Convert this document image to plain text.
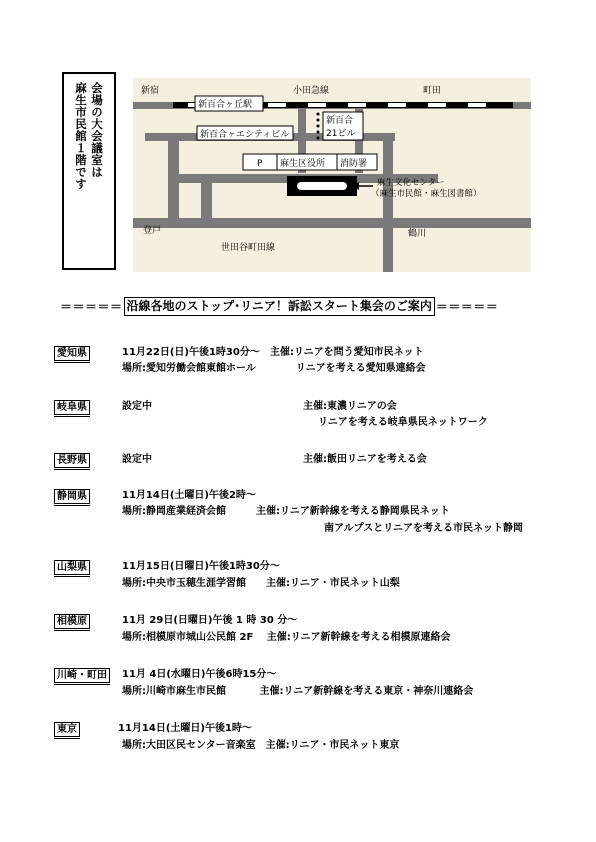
会場の大会議室は
麻生市民館１階です	新宿	小田急線	町田
新百合ヶ丘駅
新百合ヶエシティビル
新百合
21ビル
P 麻生区役所 消防署
麻生文化センター
（麻生市民館・麻生図書館）
登戸
世田谷町田線
鶴川
＝＝＝＝＝ 沿線各地のストップ･リニア！訴訟スタート集会のご案内 ＝＝＝＝＝
愛知県	11月22日(日)午後1時30分～　主催:リニアを問う愛知市民ネット
場所:愛知労働会館東館ホール　　　　リニアを考える愛知県連絡会
岐阜県	設定中	主催:東濃リニアの会
リニアを考える岐阜県民ネットワーク
長野県	設定中	主催:飯田リニアを考える会
静岡県	11月14日(土曜日)午後2時～
場所:静岡産業経済会館　　　主催:リニア新幹線を考える静岡県民ネット
南アルプスとリニアを考える市民ネット静岡
山梨県	11月15日(日曜日)午後1時30分～
場所:中央市玉穂生涯学習館　　主催:リニア・市民ネット山梨
相模原	11月 29日(日曜日)午後 1 時 30 分～
場所:相模原市城山公民館 2F　 主催:リニア新幹線を考える相模原連絡会
川崎・町田	11月 4日(水曜日)午後6時15分～
場所:川崎市麻生市民館　　　 主催:リニア新幹線を考える東京・神奈川連絡会
東京	11月14日(土曜日)午後1時～
場所:大田区民センター音楽室　主催:リニア・市民ネット東京
